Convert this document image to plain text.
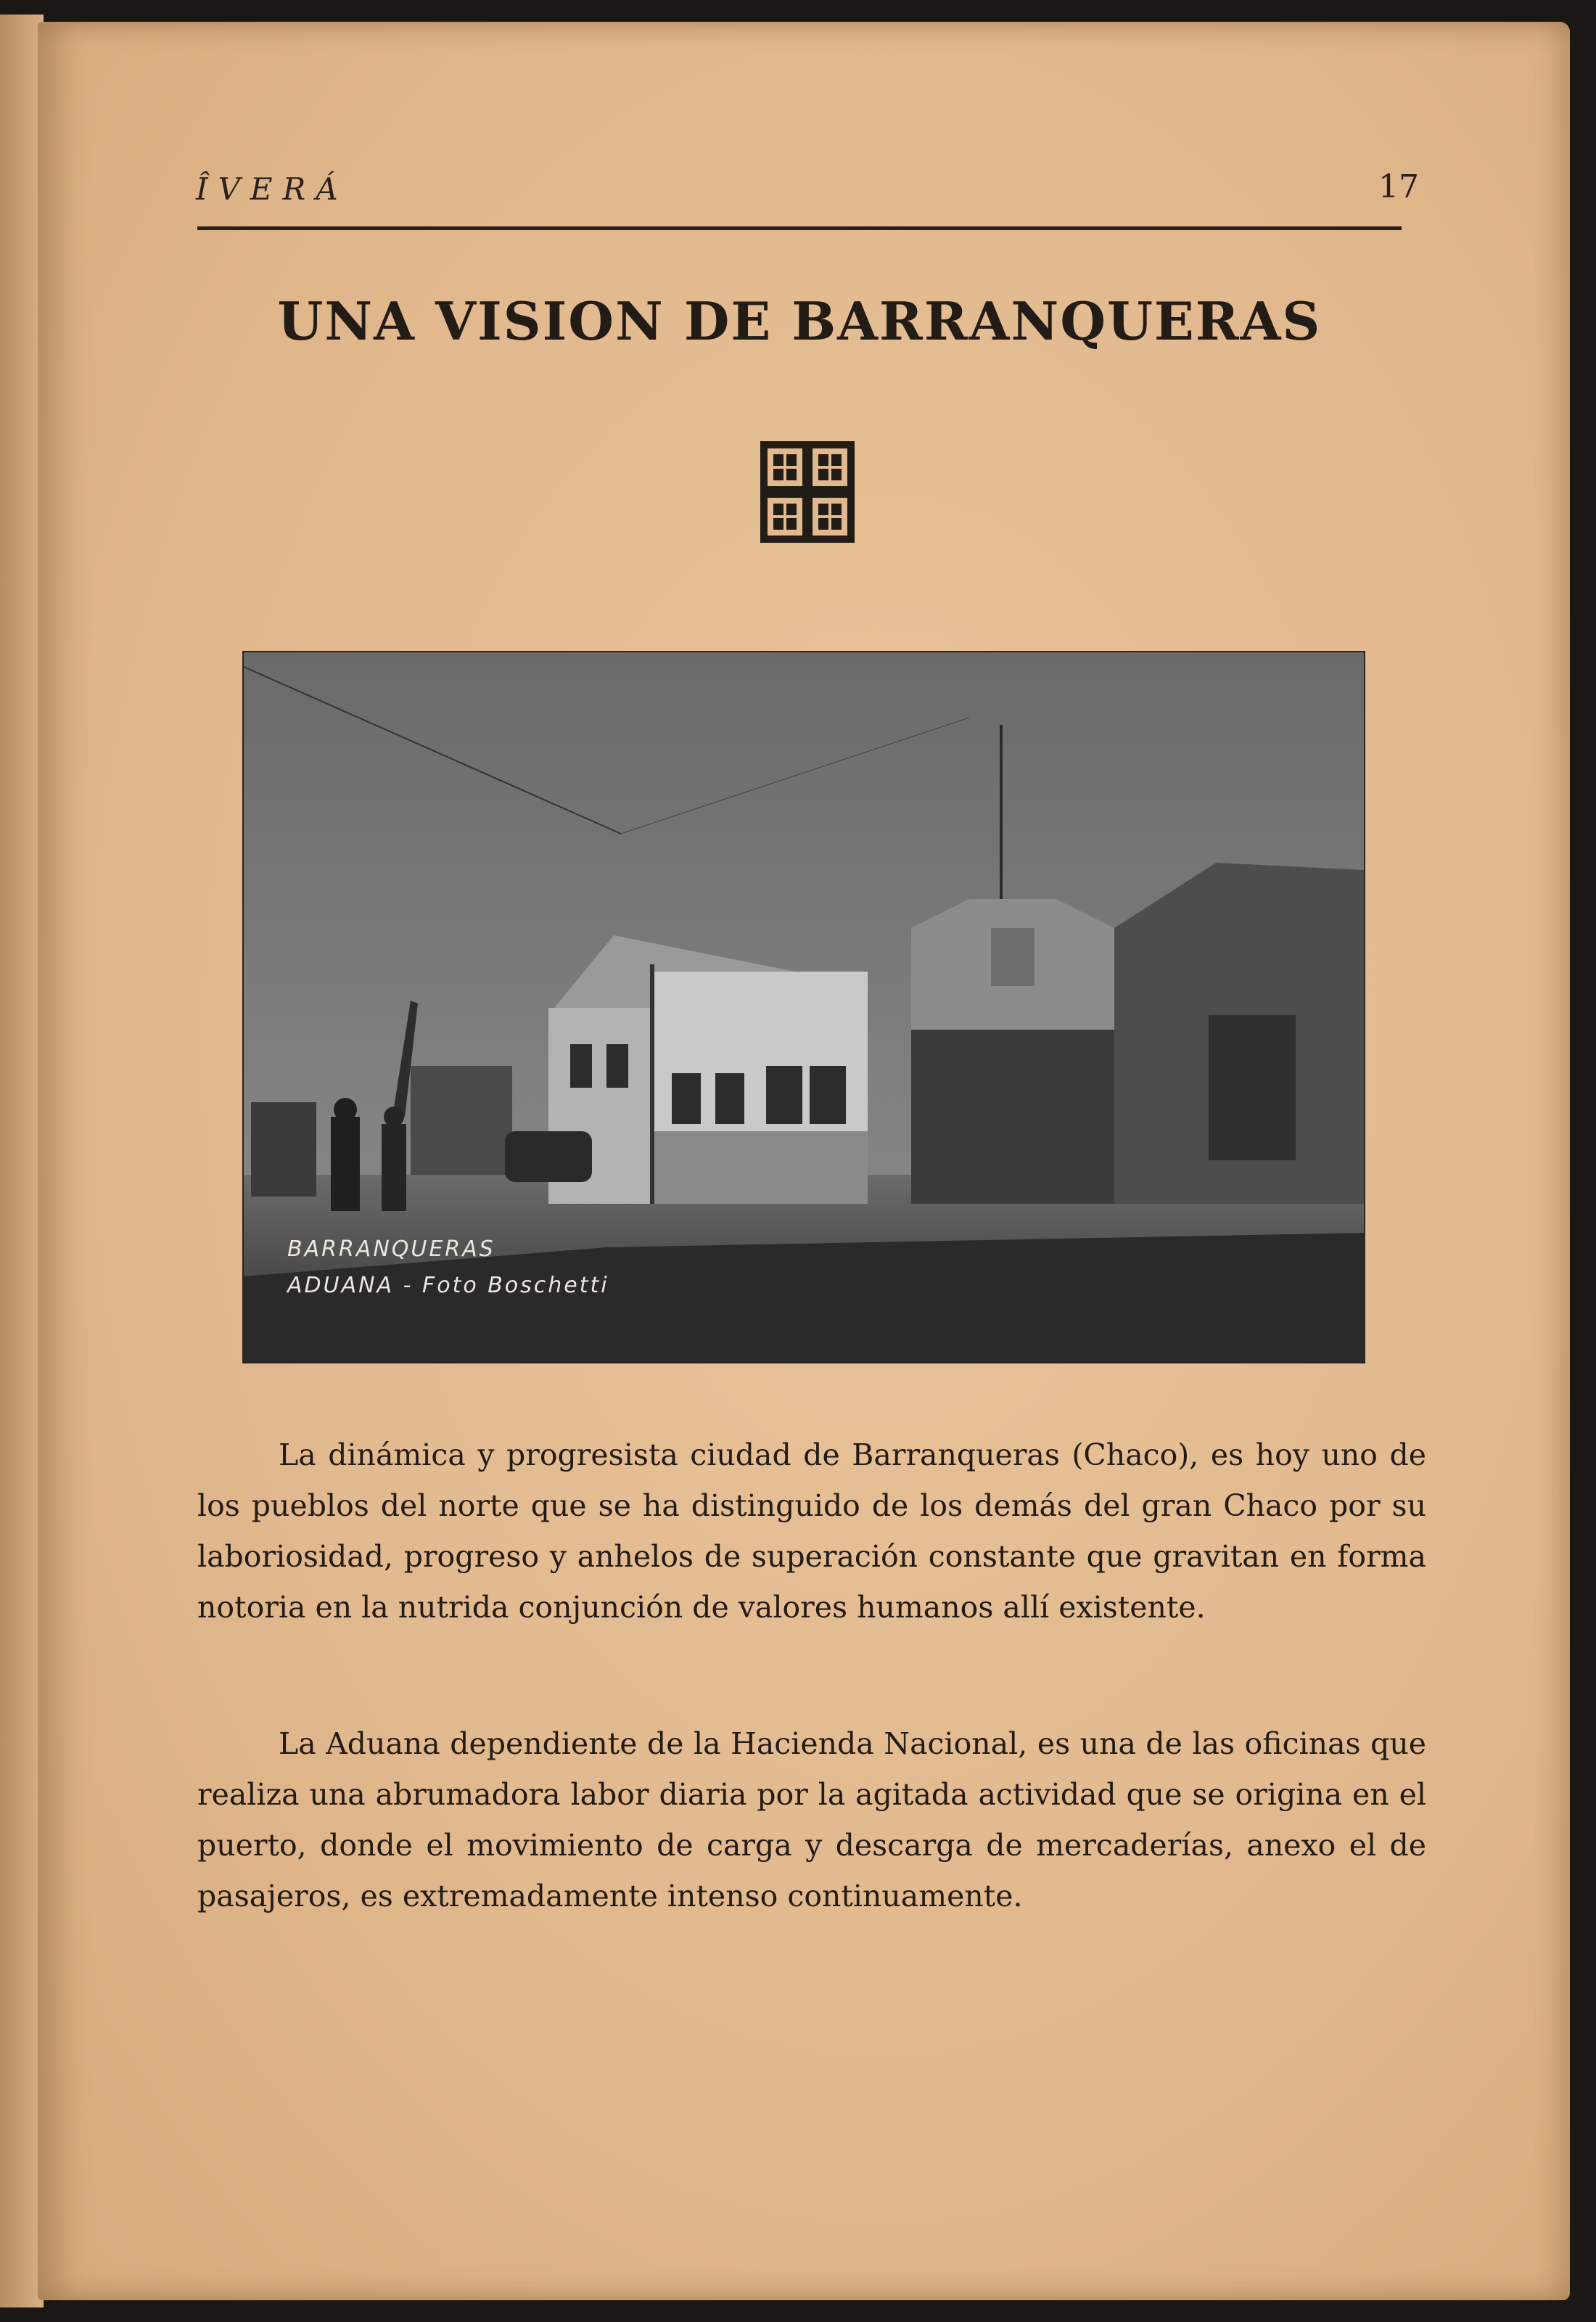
ÎVERÁ	17
UNA VISION DE BARRANQUERAS
BARRANQUERAS
ADUANA - Foto Boschetti

La dinámica y progresista ciudad de Barranqueras (Chaco), es hoy uno de los pueblos del norte que se ha distinguido de los demás del gran Chaco por su laboriosidad, progreso y anhelos de superación constante que gravitan en forma notoria en la nutrida conjunción de valores humanos allí existente.

La Aduana dependiente de la Hacienda Nacional, es una de las oficinas que realiza una abrumadora labor diaria por la agitada actividad que se origina en el puerto, donde el movimiento de carga y descarga de mercaderías, anexo el de pasajeros, es extremadamente intenso continuamente.
